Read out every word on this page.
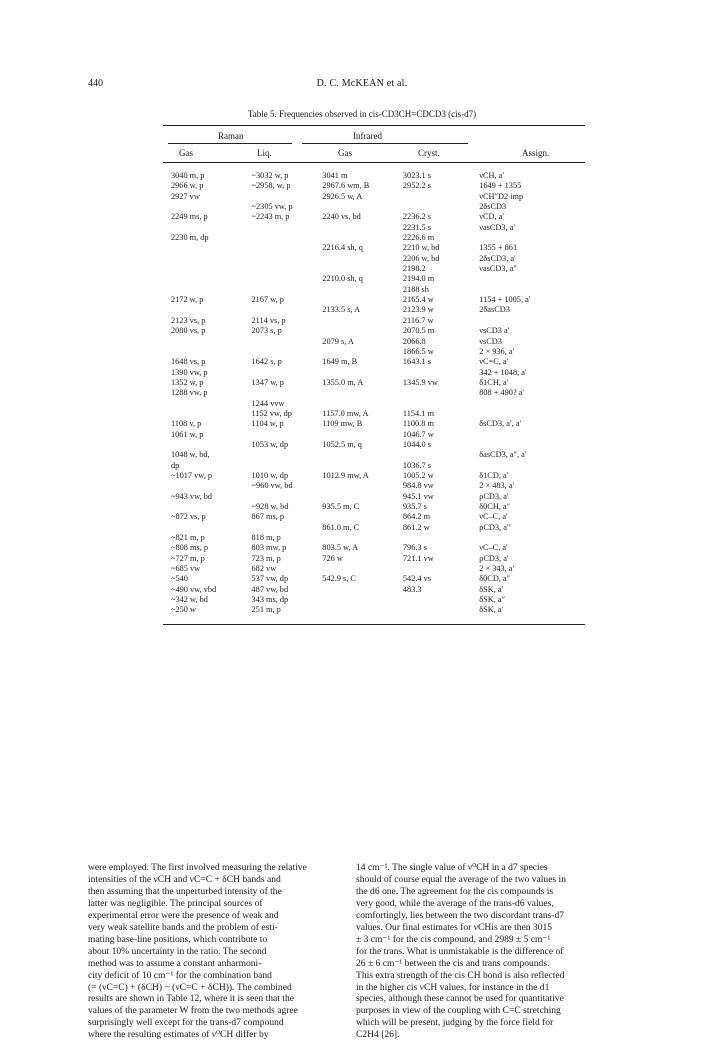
440	D. C. McKEAN et al.
Table 5. Frequencies observed in cis-CD3CH=CDCD3 (cis-d7)
Raman	Infrared
Gas	Liq.	Gas	Cryst.	Assign.
3040 m, p	~3032 w, p	3041 m	3023.1 s	νCH, a′
2966 w, p	~2958, w, p	2967.6 wm, B	2952.2 s	1649 + 1355
2927 vw		2926.5 w, A		νCH″D2 imp
	~2305 vw, p			2δsCD3
2249 ms, p	~2243 m, p	2240 vs, bd	2236.2 s	νCD, a′
			2231.5 s	νasCD3, a′
2230 m, dp			2226.6 m	
		2216.4 sh, q	2210 w, bd	1355 + 861
			2206 w, bd	2δsCD3, a′
			2198.2	νasCD3, a″
		2210.0 sh, q	2194.0 m	
			2188 sh	
2172 w, p	2167 w, p		2165.4 w	1154 + 1005, a′
		2133.5 s, A	2123.9 w	2δasCD3
2123 vs, p	2114 vs, p		2116.7 w	
2080 vs, p	2073 s, p		2070.5 m	νsCD3 a′
		2079 s, A	2066.8	νsCD3
			1866.5 w	2 × 936, a′
1648 vs, p	1642 s, p	1649 m, B	1643.1 s	νC=C, a′
1390 vw, p				342 + 1048, a′
1352 w, p	1347 w, p	1355.0 m, A	1345.9 vw	δ1CH, a′
1288 vw, p				808 + 490? a′
	1244 vvw			
	1152 vw, dp	1157.0 mw, A	1154.1 m	
1108 v, p	1104 w, p	1109 mw, B	1100.8 m	δsCD3, a′, a′
1061 w, p			1046.7 w	
	1053 w, dp	1052.5 m, q	1044.0 s	
1048 w, bd,				δasCD3, a″, a′
dp			1036.7 s	
~1017 vw, p	1010 w, dp	1012.9 mw, A	1005.2 w	δ1CD, a′
	~960 vw, bd		984.8 vw	2 × 483, a′
~943 vw, bd			945.1 vw	ρCD3, a′
	~928 w, bd	935.5 m, C	935.7 s	δ0CH, a″
~872 vs, p	867 ms, p		864.2 m	νC–C, a′
		861.0 m, C	861.2 w	ρCD3, a″
~821 m, p	818 m, p			
~808 ms, p	803 mw, p	803.5 w, A	796.3 s	νC–C, a′
~727 m, p	723 m, p	726 w	721.1 vw	ρCD3, a′
~685 vw	682 vw			2 × 343, a′
~540	537 vw, dp	542.9 s, C	542.4 vs	δ0CD, a″
~490 vw, vbd	487 vw, bd		483.3	δSK, a′
~342 w, bd	343 ms, dp			δSK, a″
~250 w	251 m, p			δSK, a′
were employed. The first involved measuring the relative
intensities of the νCH and νC=C + δCH bands and
then assuming that the unperturbed intensity of the
latter was negligible. The principal sources of
experimental error were the presence of weak and
very weak satellite bands and the problem of esti-
mating base-line positions, which contribute to
about 10% uncertainty in the ratio. The second
method was to assume a constant anharmoni-
city deficit of 10 cm⁻¹ for the combination band
(= (νC=C) + (δCH) − (νC=C + δCH)). The combined
results are shown in Table 12, where it is seen that the
values of the parameter W from the two methods agree
surprisingly well except for the trans-d7 compound
where the resulting estimates of ν⁰CH differ by
14 cm⁻¹. The single value of ν⁰CH in a d7 species
should of course equal the average of the two values in
the d6 one. The agreement for the cis compounds is
very good, while the average of the trans-d6 values,
comfortingly, lies between the two discordant trans-d7
values. Our final estimates for νCHis are then 3015
± 3 cm⁻¹ for the cis compound, and 2989 ± 5 cm⁻¹
for the trans. What is unmistakable is the difference of
26 ± 6 cm⁻¹ between the cis and trans compounds.
This extra strength of the cis CH bond is also reflected
in the higher cis νCH values, for instance in the d1
species, although these cannot be used for quantitative
purposes in view of the coupling with C=C stretching
which will be present, judging by the force field for
C2H4 [26].
